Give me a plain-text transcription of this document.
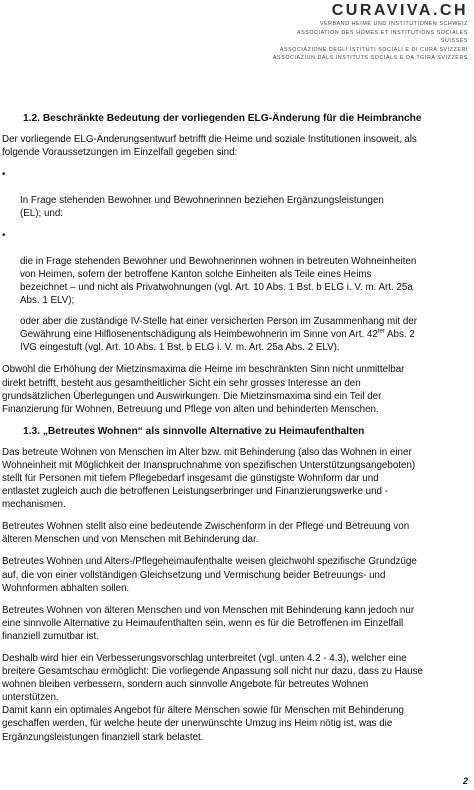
CURAVIVA.CH
VERBAND HEIME UND INSTITUTIONEN SCHWEIZ
ASSOCIATION DES HOMES ET INSTITUTIONS SOCIALES SUISSES
ASSOCIAZIONE DEGLI ISTITUTI SOCIALI E DI CURA SVIZZERI
ASSOCIAZIUN DALS INSTITUTS SOCIALS E DA TGIRA SVIZZERS
1.2. Beschränkte Bedeutung der vorliegenden ELG-Änderung für die Heimbranche
Der vorliegende ELG-Änderungsentwurf betrifft die Heime und soziale Institutionen insoweit, als
folgende Voraussetzungen im Einzelfall gegeben sind:

•

In Frage stehenden Bewohner und Bewohnerinnen beziehen Ergänzungsleistungen
(EL); und:

•

die in Frage stehenden Bewohner und Bewohnerinnen wohnen in betreuten Wohneinheiten
von Heimen, sofern der betroffene Kanton solche Einheiten als Teile eines Heims
bezeichnet – und nicht als Privatwohnungen (vgl. Art. 10 Abs. 1 Bst. b ELG i. V. m. Art. 25a
Abs. 1 ELV);

oder aber die zuständige IV-Stelle hat einer versicherten Person im Zusammenhang mit der
Gewährung eine Hilflosenentschädigung als Heimbewohnerin im Sinne von Art. $42^{ter}$ Abs. 2
IVG eingestuft (vgl. Art. 10 Abs. 1 Bst. b ELG i. V. m. Art. 25a Abs. 2 ELV).
Obwohl die Erhöhung der Mietzinsmaxima die Heime im beschränkten Sinn nicht unmittelbar
direkt betrifft, besteht aus gesamtheitlicher Sicht ein sehr grosses Interesse an den
grundsätzlichen Überlegungen und Auswirkungen. Die Mietzinsmaxima sind ein Teil der
Finanzierung für Wohnen, Betreuung und Pflege von alten und behinderten Menschen.
1.3. „Betreutes Wohnen“ als sinnvolle Alternative zu Heimaufenthalten
Das betreute Wohnen von Menschen im Alter bzw. mit Behinderung (also das Wohnen in einer
Wohneinheit mit Möglichkeit der Inanspruchnahme von spezifischen Unterstützungsangeboten)
stellt für Personen mit tiefem Pflegebedarf insgesamt die günstigste Wohnform dar und
entlastet zugleich auch die betroffenen Leistungserbringer und Finanzierungswerke und -
mechanismen.
Betreutes Wohnen stellt also eine bedeutende Zwischenform in der Pflege und Betreuung von
älteren Menschen und von Menschen mit Behinderung dar.
Betreutes Wohnen und Alters-/Pflegeheimaufenthalte weisen gleichwohl spezifische Grundzüge
auf, die von einer vollständigen Gleichsetzung und Vermischung beider Betreuungs- und
Wohnformen abhalten sollen.
Betreutes Wohnen von älteren Menschen und von Menschen mit Behinderung kann jedoch nur
eine sinnvolle Alternative zu Heimaufenthalten sein, wenn es für die Betroffenen im Einzelfall
finanziell zumutbar ist.
Deshalb wird hier ein Verbesserungsvorschlag unterbreitet (vgl. unten 4.2 - 4.3), welcher eine
breitere Gesamtschau ermöglicht: Die vorliegende Anpassung soll nicht nur dazu, dass zu Hause
wohnen bleiben verbessern, sondern auch sinnvolle Angebote für betreutes Wohnen
unterstützen.
Damit kann ein optimales Angebot für ältere Menschen sowie für Menschen mit Behinderung
geschaffen werden, für welche heute der unerwünschte Umzug ins Heim nötig ist, was die
Ergänzungsleistungen finanziell stark belastet.
2
